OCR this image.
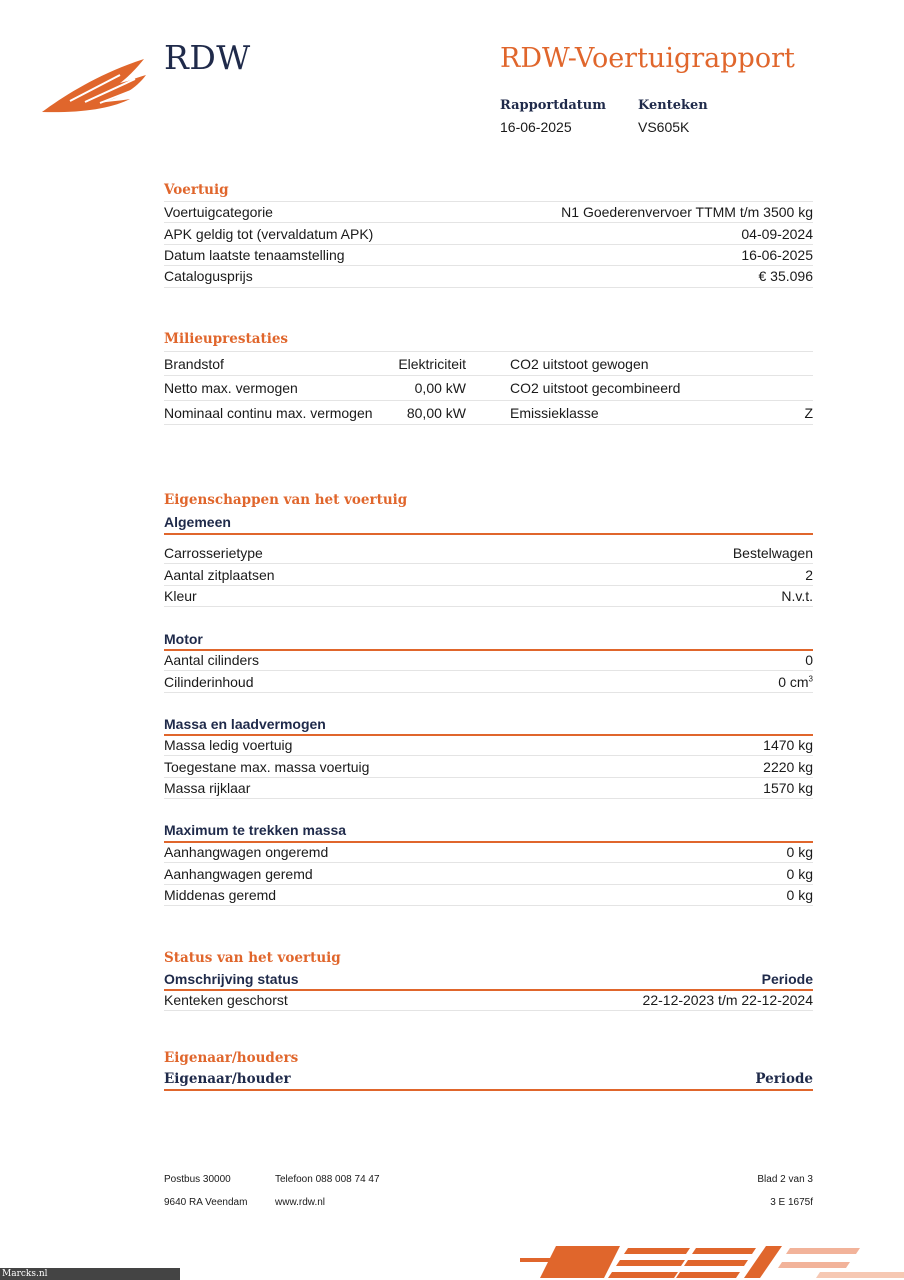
RDW	RDW-Voertuigrapport
Rapportdatum
16-06-2025
Kenteken
VS605K
Voertuig
Voertuigcategorie	N1 Goederenvervoer TTMM t/m 3500 kg
APK geldig tot (vervaldatum APK)	04-09-2024
Datum laatste tenaamstelling	16-06-2025
Catalogusprijs	€ 35.096
Milieuprestaties
Brandstof	Elektriciteit	CO2 uitstoot gewogen
Netto max. vermogen	0,00 kW	CO2 uitstoot gecombineerd
Nominaal continu max. vermogen 80,00 kW	Emissieklasse	Z
Eigenschappen van het voertuig
Algemeen
Carrosserietype	Bestelwagen
Aantal zitplaatsen	2
Kleur	N.v.t.
Motor
Aantal cilinders	0
Cilinderinhoud	0 $cm^3$
Massa en laadvermogen
Massa ledig voertuig	1470 kg
Toegestane max. massa voertuig	2220 kg
Massa rijklaar	1570 kg
Maximum te trekken massa
Aanhangwagen ongeremd	0 kg
Aanhangwagen geremd	0 kg
Middenas geremd	0 kg
Status van het voertuig
Omschrijving status	Periode
Kenteken geschorst	22-12-2023 t/m 22-12-2024
Eigenaar/houders
Eigenaar/houder	Periode
Postbus 30000	Telefoon 088 008 74 47	Blad 2 van 3
9640 RA Veendam	www.rdw.nl	3 E 1675f
Marcks.nl
